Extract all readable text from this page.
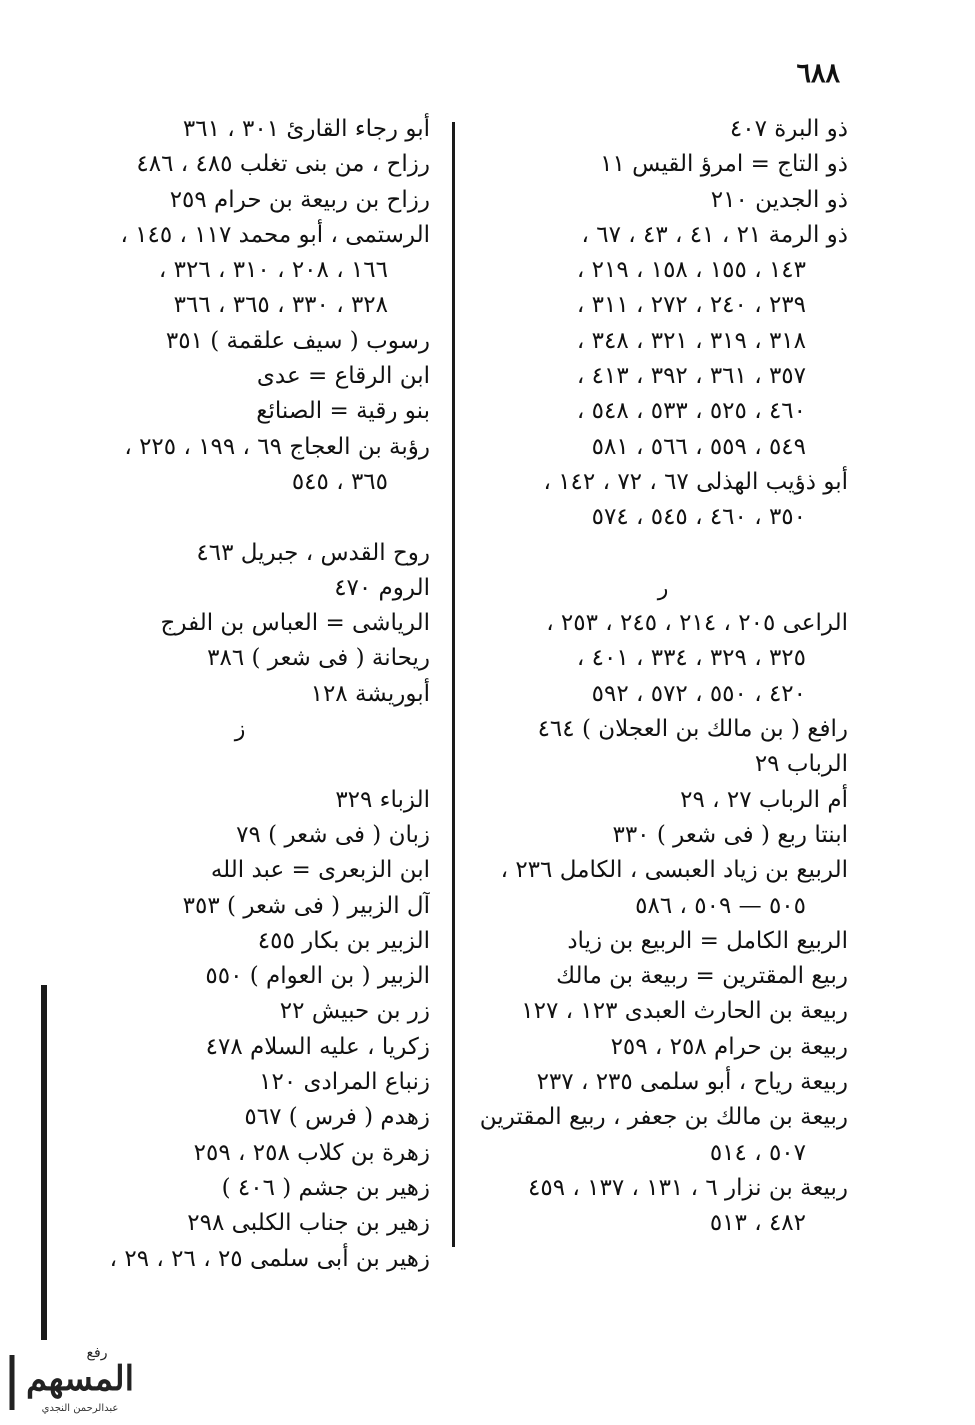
٦٨٨
ذو البرة ٤٠٧
ذو التاج = امرؤ القيس ١١
ذو الجدين ٢١٠
ذو الرمة ٢١ ، ٤١ ، ٤٣ ، ٦٧ ،
١٤٣ ، ١٥٥ ، ١٥٨ ، ٢١٩ ،
٢٣٩ ، ٢٤٠ ، ٢٧٢ ، ٣١١ ،
٣١٨ ، ٣١٩ ، ٣٢١ ، ٣٤٨ ،
٣٥٧ ، ٣٦١ ، ٣٩٢ ، ٤١٣ ،
٤٦٠ ، ٥٢٥ ، ٥٣٣ ، ٥٤٨ ،
٥٤٩ ، ٥٥٩ ، ٥٦٦ ، ٥٨١
أبو ذؤيب الهذلى ٦٧ ، ٧٢ ، ١٤٢ ،
٣٥٠ ، ٤٦٠ ، ٥٤٥ ، ٥٧٤
ر
الراعى ٢٠٥ ، ٢١٤ ، ٢٤٥ ، ٢٥٣ ،
٣٢٥ ، ٣٢٩ ، ٣٣٤ ، ٤٠١ ،
٤٢٠ ، ٥٥٠ ، ٥٧٢ ، ٥٩٢
رافع ( بن مالك بن العجلان ) ٤٦٤
الرباب ٢٩
أم الرباب ٢٧ ، ٢٩
ابنتا ربع ( فى شعر ) ٣٣٠
الربيع بن زياد العبسى ، الكامل ٢٣٦ ،
٥٠٥ — ٥٠٩ ، ٥٨٦
الربيع الكامل = الربيع بن زياد
ربيع المقترين = ربيعة بن مالك
ربيعة بن الحارث العبدى ١٢٣ ، ١٢٧
ربيعة بن حرام ٢٥٨ ، ٢٥٩
ربيعة رياح ، أبو سلمى ٢٣٥ ، ٢٣٧
ربيعة بن مالك بن جعفر ، ربيع المقترين
٥٠٧ ، ٥١٤
ربيعة بن نزار ٦ ، ١٣١ ، ١٣٧ ، ٤٥٩
٤٨٢ ، ٥١٣
أبو رجاء القارئ ٣٠١ ، ٣٦١
رزاح ، من بنى تغلب ٤٨٥ ، ٤٨٦
رزاح بن ربيعة بن حرام ٢٥٩
الرستمى ، أبو محمد ١١٧ ، ١٤٥ ،
١٦٦ ، ٢٠٨ ، ٣١٠ ، ٣٢٦ ،
٣٢٨ ، ٣٣٠ ، ٣٦٥ ، ٣٦٦
رسوب ( سيف علقمة ) ٣٥١
ابن الرقاع = عدى
بنو رقية = الصنائع
رؤبة بن العجاج ٦٩ ، ١٩٩ ، ٢٢٥ ،
٣٦٥ ، ٥٤٥
روح القدس ، جبريل ٤٦٣
الروم ٤٧٠
الرياشى = العباس بن الفرج
ريحانة ( فى شعر ) ٣٨٦
أبوريشة ١٢٨
ز
الزباء ٣٢٩
زبان ( فى شعر ) ٧٩
ابن الزبعرى = عبد الله
آل الزبير ( فى شعر ) ٣٥٣
الزبير بن بكار ٤٥٥
الزبير ( بن العوام ) ٥٥٠
زر بن حبيش ٢٢
زكريا ، عليه السلام ٤٧٨
زنباع المرادى ١٢٠
زهدم ( فرس ) ٥٦٧
زهرة بن كلاب ٢٥٨ ، ٢٥٩
زهير بن جشم ( ٤٠٦ )
زهير بن جناب الكلبى ٢٩٨
زهير بن أبى سلمى ٢٥ ، ٢٦ ، ٢٩ ،
رفع
المسهم
عبدالرحمن النجدي
